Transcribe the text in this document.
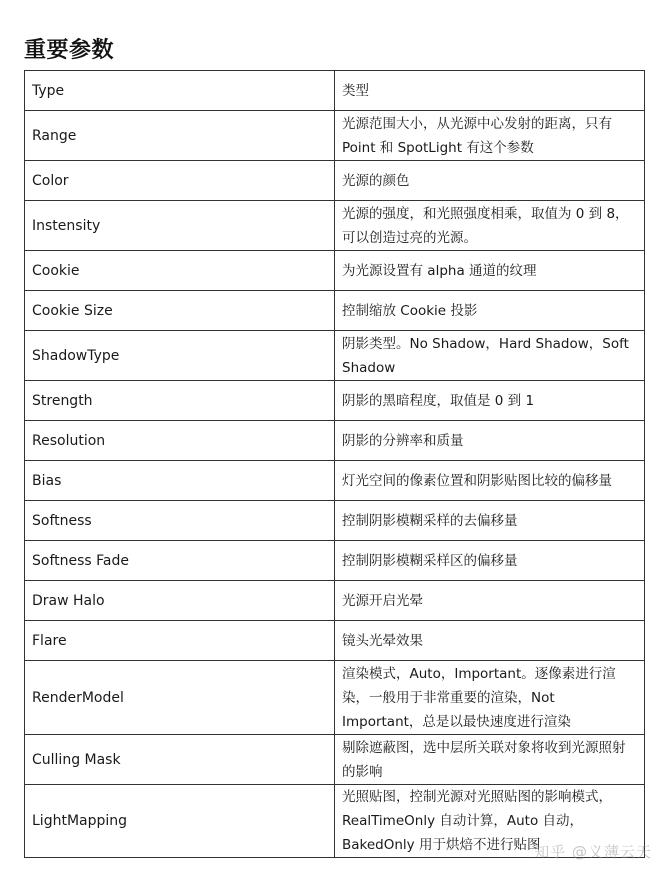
重要参数
Type	类型
Range	光源范围大小，从光源中心发射的距离，只有Point 和 SpotLight 有这个参数
Color	光源的颜色
Instensity	光源的强度，和光照强度相乘，取值为 0 到 8，可以创造过亮的光源。
Cookie	为光源设置有 alpha 通道的纹理
Cookie Size	控制缩放 Cookie 投影
ShadowType	阴影类型。No Shadow，Hard Shadow，Soft Shadow
Strength	阴影的黑暗程度，取值是 0 到 1
Resolution	阴影的分辨率和质量
Bias	灯光空间的像素位置和阴影贴图比较的偏移量
Softness	控制阴影模糊采样的去偏移量
Softness Fade	控制阴影模糊采样区的偏移量
Draw Halo	光源开启光晕
Flare	镜头光晕效果
RenderModel	渲染模式，Auto，Important。逐像素进行渲染，一般用于非常重要的渲染，Not Important，总是以最快速度进行渲染
Culling Mask	剔除遮蔽图，选中层所关联对象将收到光源照射的影响
LightMapping	光照贴图，控制光源对光照贴图的影响模式，RealTimeOnly 自动计算，Auto 自动，BakedOnly 用于烘焙不进行贴图
知乎 @义薄云天
